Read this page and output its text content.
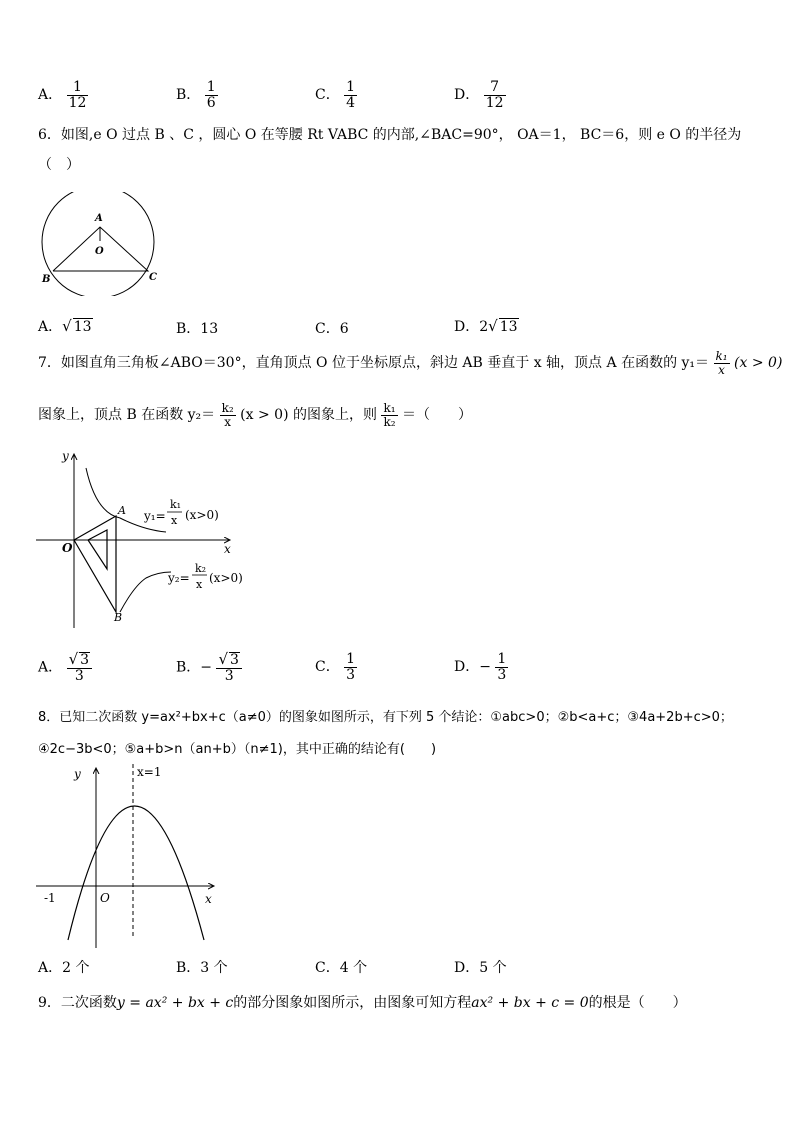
A． $\frac{1}{12}$	B． $\frac{1}{6}$	C． $\frac{1}{4}$	D． $\frac{7}{12}$
6．如图,e O 过点 B 、C ，圆心 O 在等腰 Rt VABC 的内部,∠BAC=90°， OA＝1， BC＝6，则 e O 的半径为
（　）
A
O
B	C
A．√ 13	B．13	C．6	D．2√ 13
7．如图直角三角板∠ABO＝30°，直角顶点 O 位于坐标原点，斜边 AB 垂直于 x 轴，顶点 A 在函数的 $y_1= \frac{\text{k₁}}{x} (x > 0)$
图象上，顶点 B 在函数 $y_2= \frac{\text{k₂}}{x} (x > 0)$ 的图象上，则 $\frac{\text{k₁}}{\text{k₂}}$ ＝（　　）
y
x
O
A
B
y₁=
k₁
x (x>0)
y₂=
k₂
x (x>0)
A． $\frac{√ 3}{3}$	B．− $\frac{√ 3}{3}$	C． $\frac{1}{3}$	D．− $\frac{1}{3}$
8．已知二次函数 y=ax²+bx+c（a≠0）的图象如图所示，有下列 5 个结论：①abc>0；②b<a+c；③4a+2b+c>0；
④2c−3b<0；⑤a+b>n（an+b）（n≠1)，其中正确的结论有(　　)
y
x
O
-1
x=1
A．2 个	B．3 个	C．4 个	D．5 个
9．二次函数y = ax² + bx + c的部分图象如图所示，由图象可知方程ax² + bx + c = 0的根是（　　）
